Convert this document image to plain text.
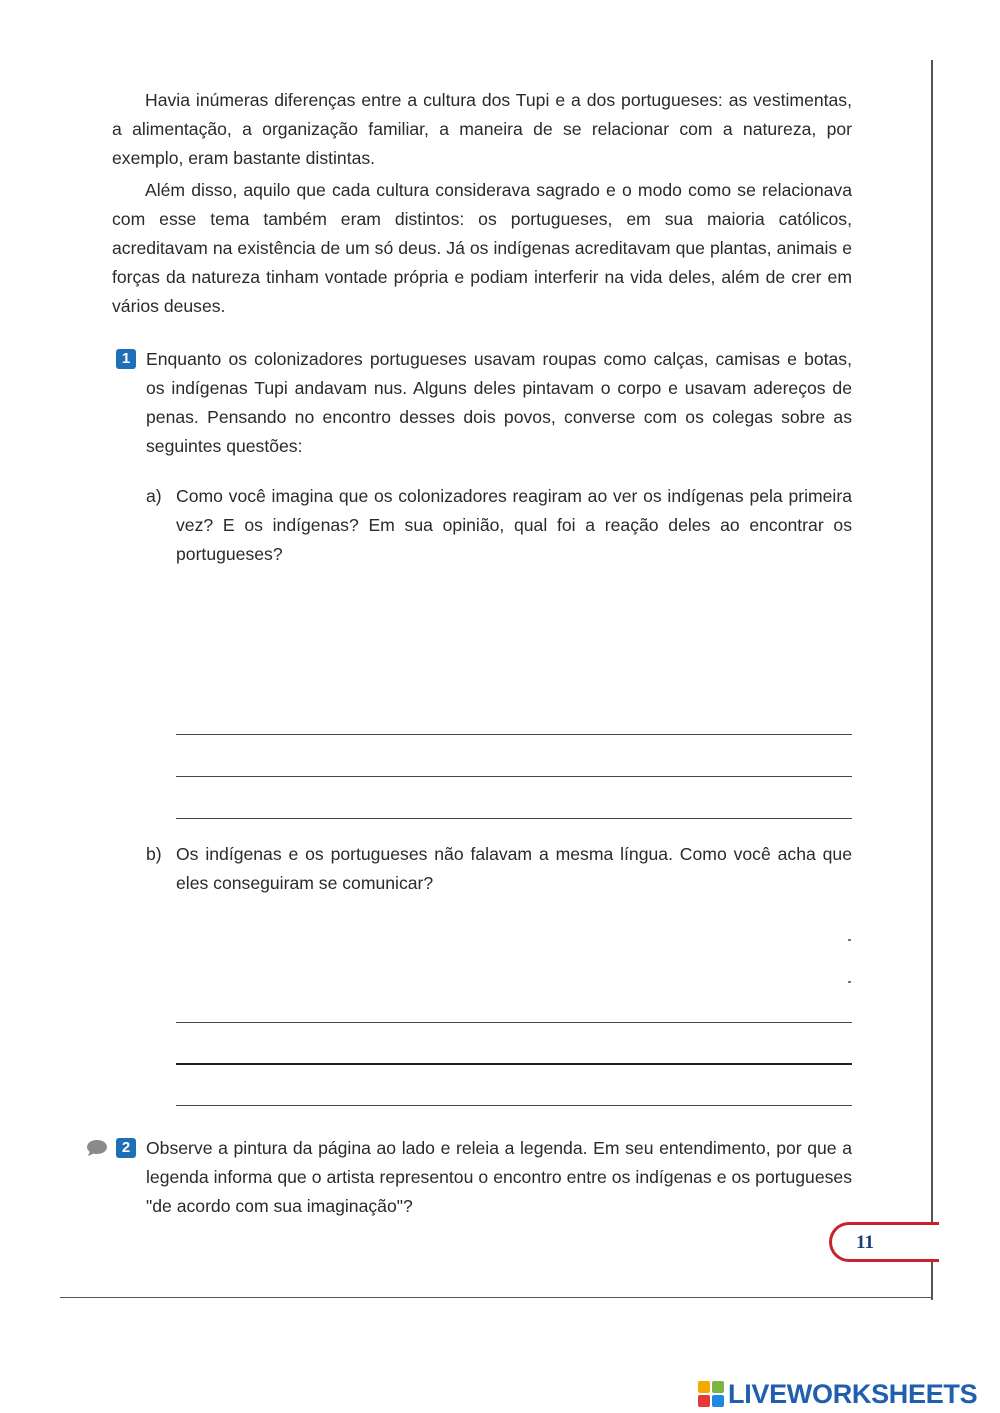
Havia inúmeras diferenças entre a cultura dos Tupi e a dos portugueses: as vestimentas, a alimentação, a organização familiar, a maneira de se relacionar com a natureza, por exemplo, eram bastante distintas.

Além disso, aquilo que cada cultura considerava sagrado e o modo como se relacionava com esse tema também eram distintos: os portugueses, em sua maioria católicos, acreditavam na existência de um só deus. Já os indígenas acreditavam que plantas, animais e forças da natureza tinham vontade própria e podiam interferir na vida deles, além de crer em vários deuses.

1 Enquanto os colonizadores portugueses usavam roupas como calças, camisas e botas, os indígenas Tupi andavam nus. Alguns deles pintavam o corpo e usavam adereços de penas. Pensando no encontro desses dois povos, converse com os colegas sobre as seguintes questões:

a) Como você imagina que os colonizadores reagiram ao ver os indígenas pela primeira vez? E os indígenas? Em sua opinião, qual foi a reação deles ao encontrar os portugueses?

b) Os indígenas e os portugueses não falavam a mesma língua. Como você acha que eles conseguiram se comunicar?

2 Observe a pintura da página ao lado e releia a legenda. Em seu entendimento, por que a legenda informa que o artista representou o encontro entre os indígenas e os portugueses "de acordo com sua imaginação"?

11
LIVEWORKSHEETS
